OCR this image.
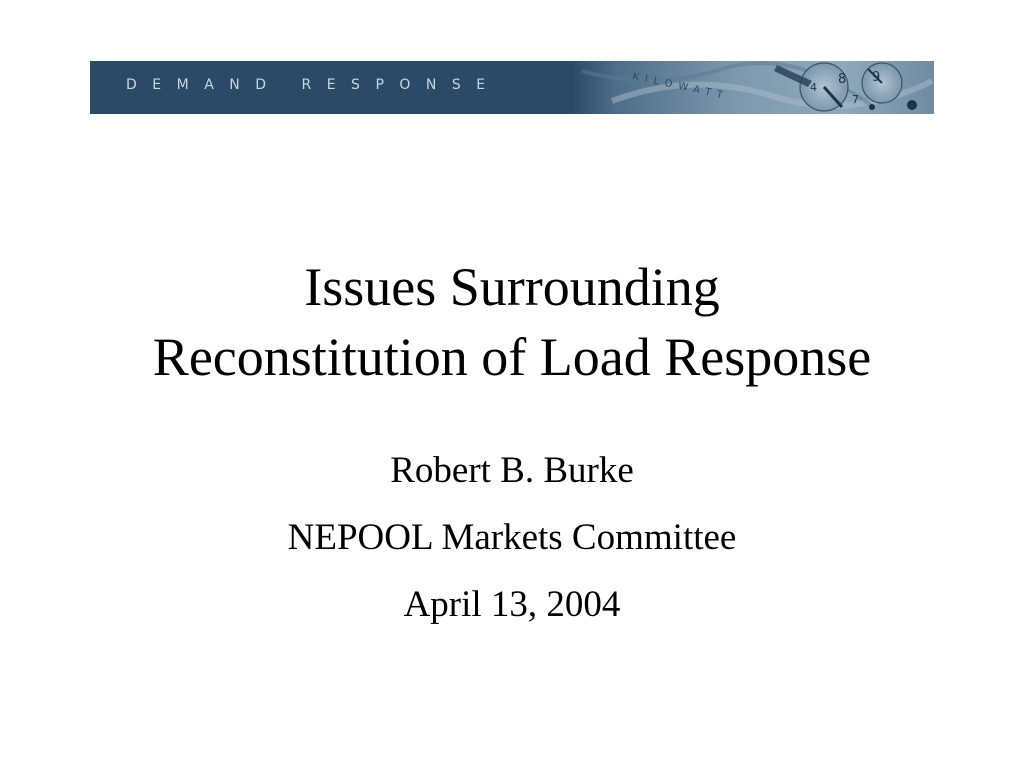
DEMAND RESPONSE	KILOWATT	8 9
4
7
Issues Surrounding
Reconstitution of Load Response
Robert B. Burke
NEPOOL Markets Committee
April 13, 2004
